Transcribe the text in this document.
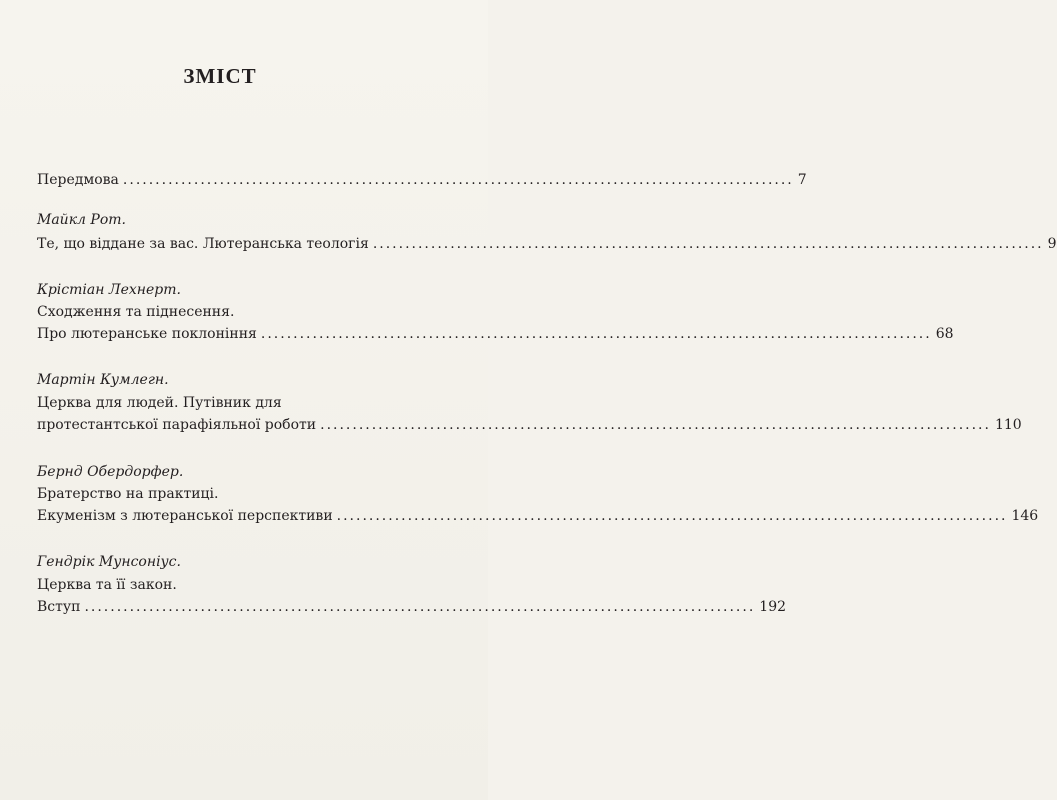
ЗМІСТ
Передмова ........................................................................................................ 7
Майкл Рот.
Те, що віддане за вас. Лютеранська теологія ........................................................................................................ 9
Крістіан Лехнерт.
Сходження та піднесення.
Про лютеранське поклоніння ........................................................................................................ 68
Мартін Кумлегн.
Церква для людей. Путівник для
протестантської парафіяльної роботи ........................................................................................................ 110
Бернд Обердорфер.
Братерство на практиці.
Екуменізм з лютеранської перспективи ........................................................................................................ 146
Гендрік Мунсоніус.
Церква та її закон.
Вступ ........................................................................................................ 192
